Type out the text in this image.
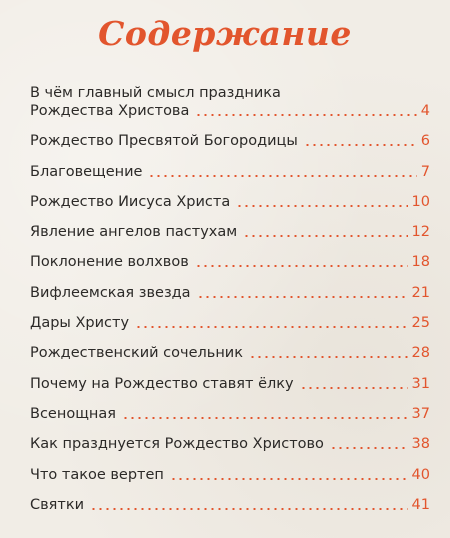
Содержание
В чём главный смысл праздника
Рождества Христова	4
Рождество Пресвятой Богородицы	6
Благовещение	7
Рождество Иисуса Христа	10
Явление ангелов пастухам	12
Поклонение волхвов	18
Вифлеемская звезда	21
Дары Христу	25
Рождественский сочельник	28
Почему на Рождество ставят ёлку	31
Всенощная	37
Как празднуется Рождество Христово	38
Что такое вертеп	40
Святки	41
